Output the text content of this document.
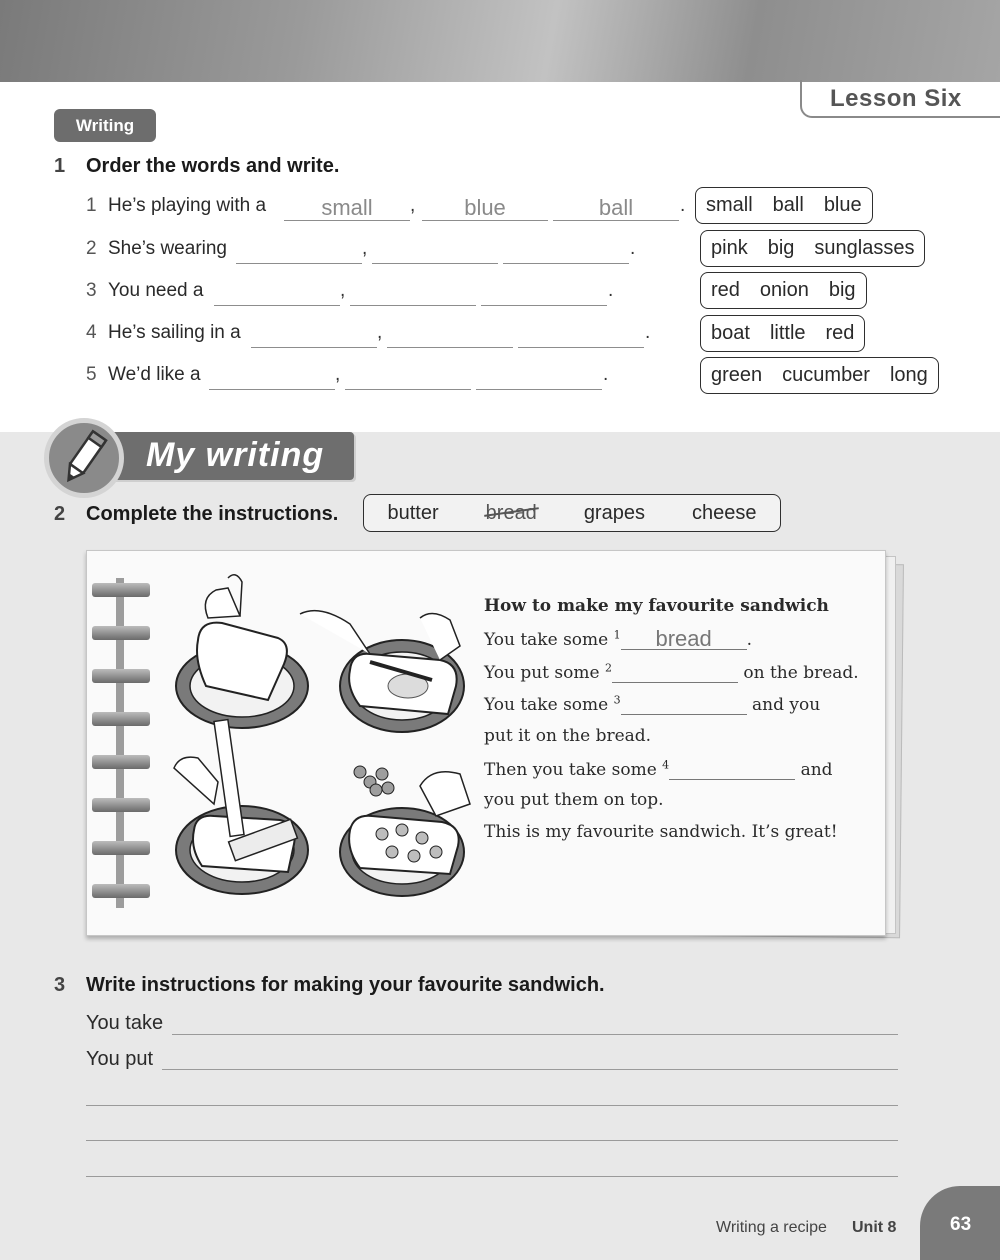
Lesson Six
Writing
1 Order the words and write.
1 He’s playing with a	small	,	blue	ball	. small ball blue
2 She’s wearing	,	.	pink big sunglasses
3 You need a	,	.	red onion big
4 He’s sailing in a	,	.	boat little red
5 We’d like a	,	.	green cucumber long
My writing
2 Complete the instructions. butter bread grapes cheese
How to make my favourite sandwich
You take some $^1$ bread .
You put some $^2$	on the bread.
You take some $^3$	and you
put it on the bread.
Then you take some $^4$	and
you put them on top.
This is my favourite sandwich. It’s great!
3 Write instructions for making your favourite sandwich.
You take
You put
Writing a recipe Unit 8	63
